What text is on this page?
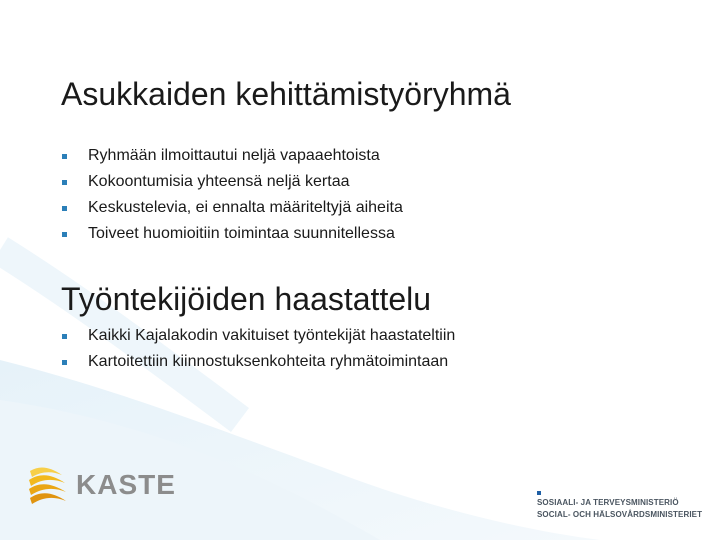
Asukkaiden kehittämistyöryhmä
Ryhmään ilmoittautui neljä vapaaehtoista
Kokoontumisia yhteensä neljä kertaa
Keskustelevia, ei ennalta määriteltyjä aiheita
Toiveet huomioitiin toimintaa suunnitellessa
Työntekijöiden haastattelu
Kaikki Kajalakodin vakituiset työntekijät haastateltiin
Kartoitettiin kiinnostuksenkohteita ryhmätoimintaan
KASTE
SOSIAALI- JA TERVEYSMINISTERIÖ
SOCIAL- OCH HÄLSOVÅRDSMINISTERIET
